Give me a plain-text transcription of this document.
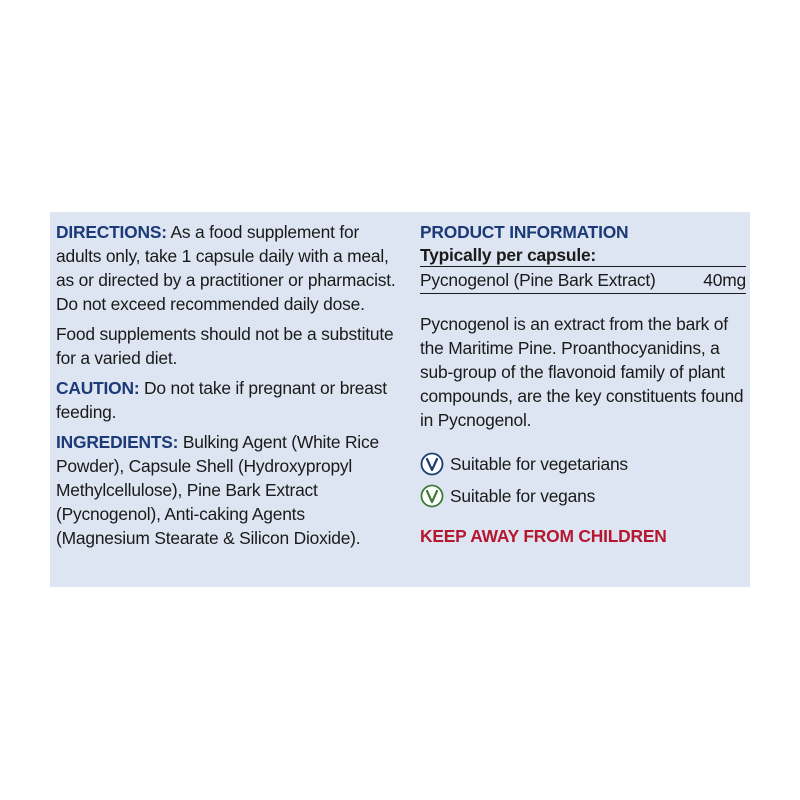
DIRECTIONS: As a food supplement for adults only, take 1 capsule daily with a meal, as or directed by a practitioner or pharmacist. Do not exceed recommended daily dose.

Food supplements should not be a substitute for a varied diet.

CAUTION: Do not take if pregnant or breast feeding.

INGREDIENTS: Bulking Agent (White Rice Powder), Capsule Shell (Hydroxypropyl Methylcellulose), Pine Bark Extract (Pycnogenol), Anti-caking Agents (Magnesium Stearate & Silicon Dioxide).

PRODUCT INFORMATION
Typically per capsule:
Pycnogenol (Pine Bark Extract)	40mg

Pycnogenol is an extract from the bark of the Maritime Pine. Proanthocyanidins, a sub-group of the flavonoid family of plant compounds, are the key constituents found in Pycnogenol.

Suitable for vegetarians
Suitable for vegans
KEEP AWAY FROM CHILDREN
